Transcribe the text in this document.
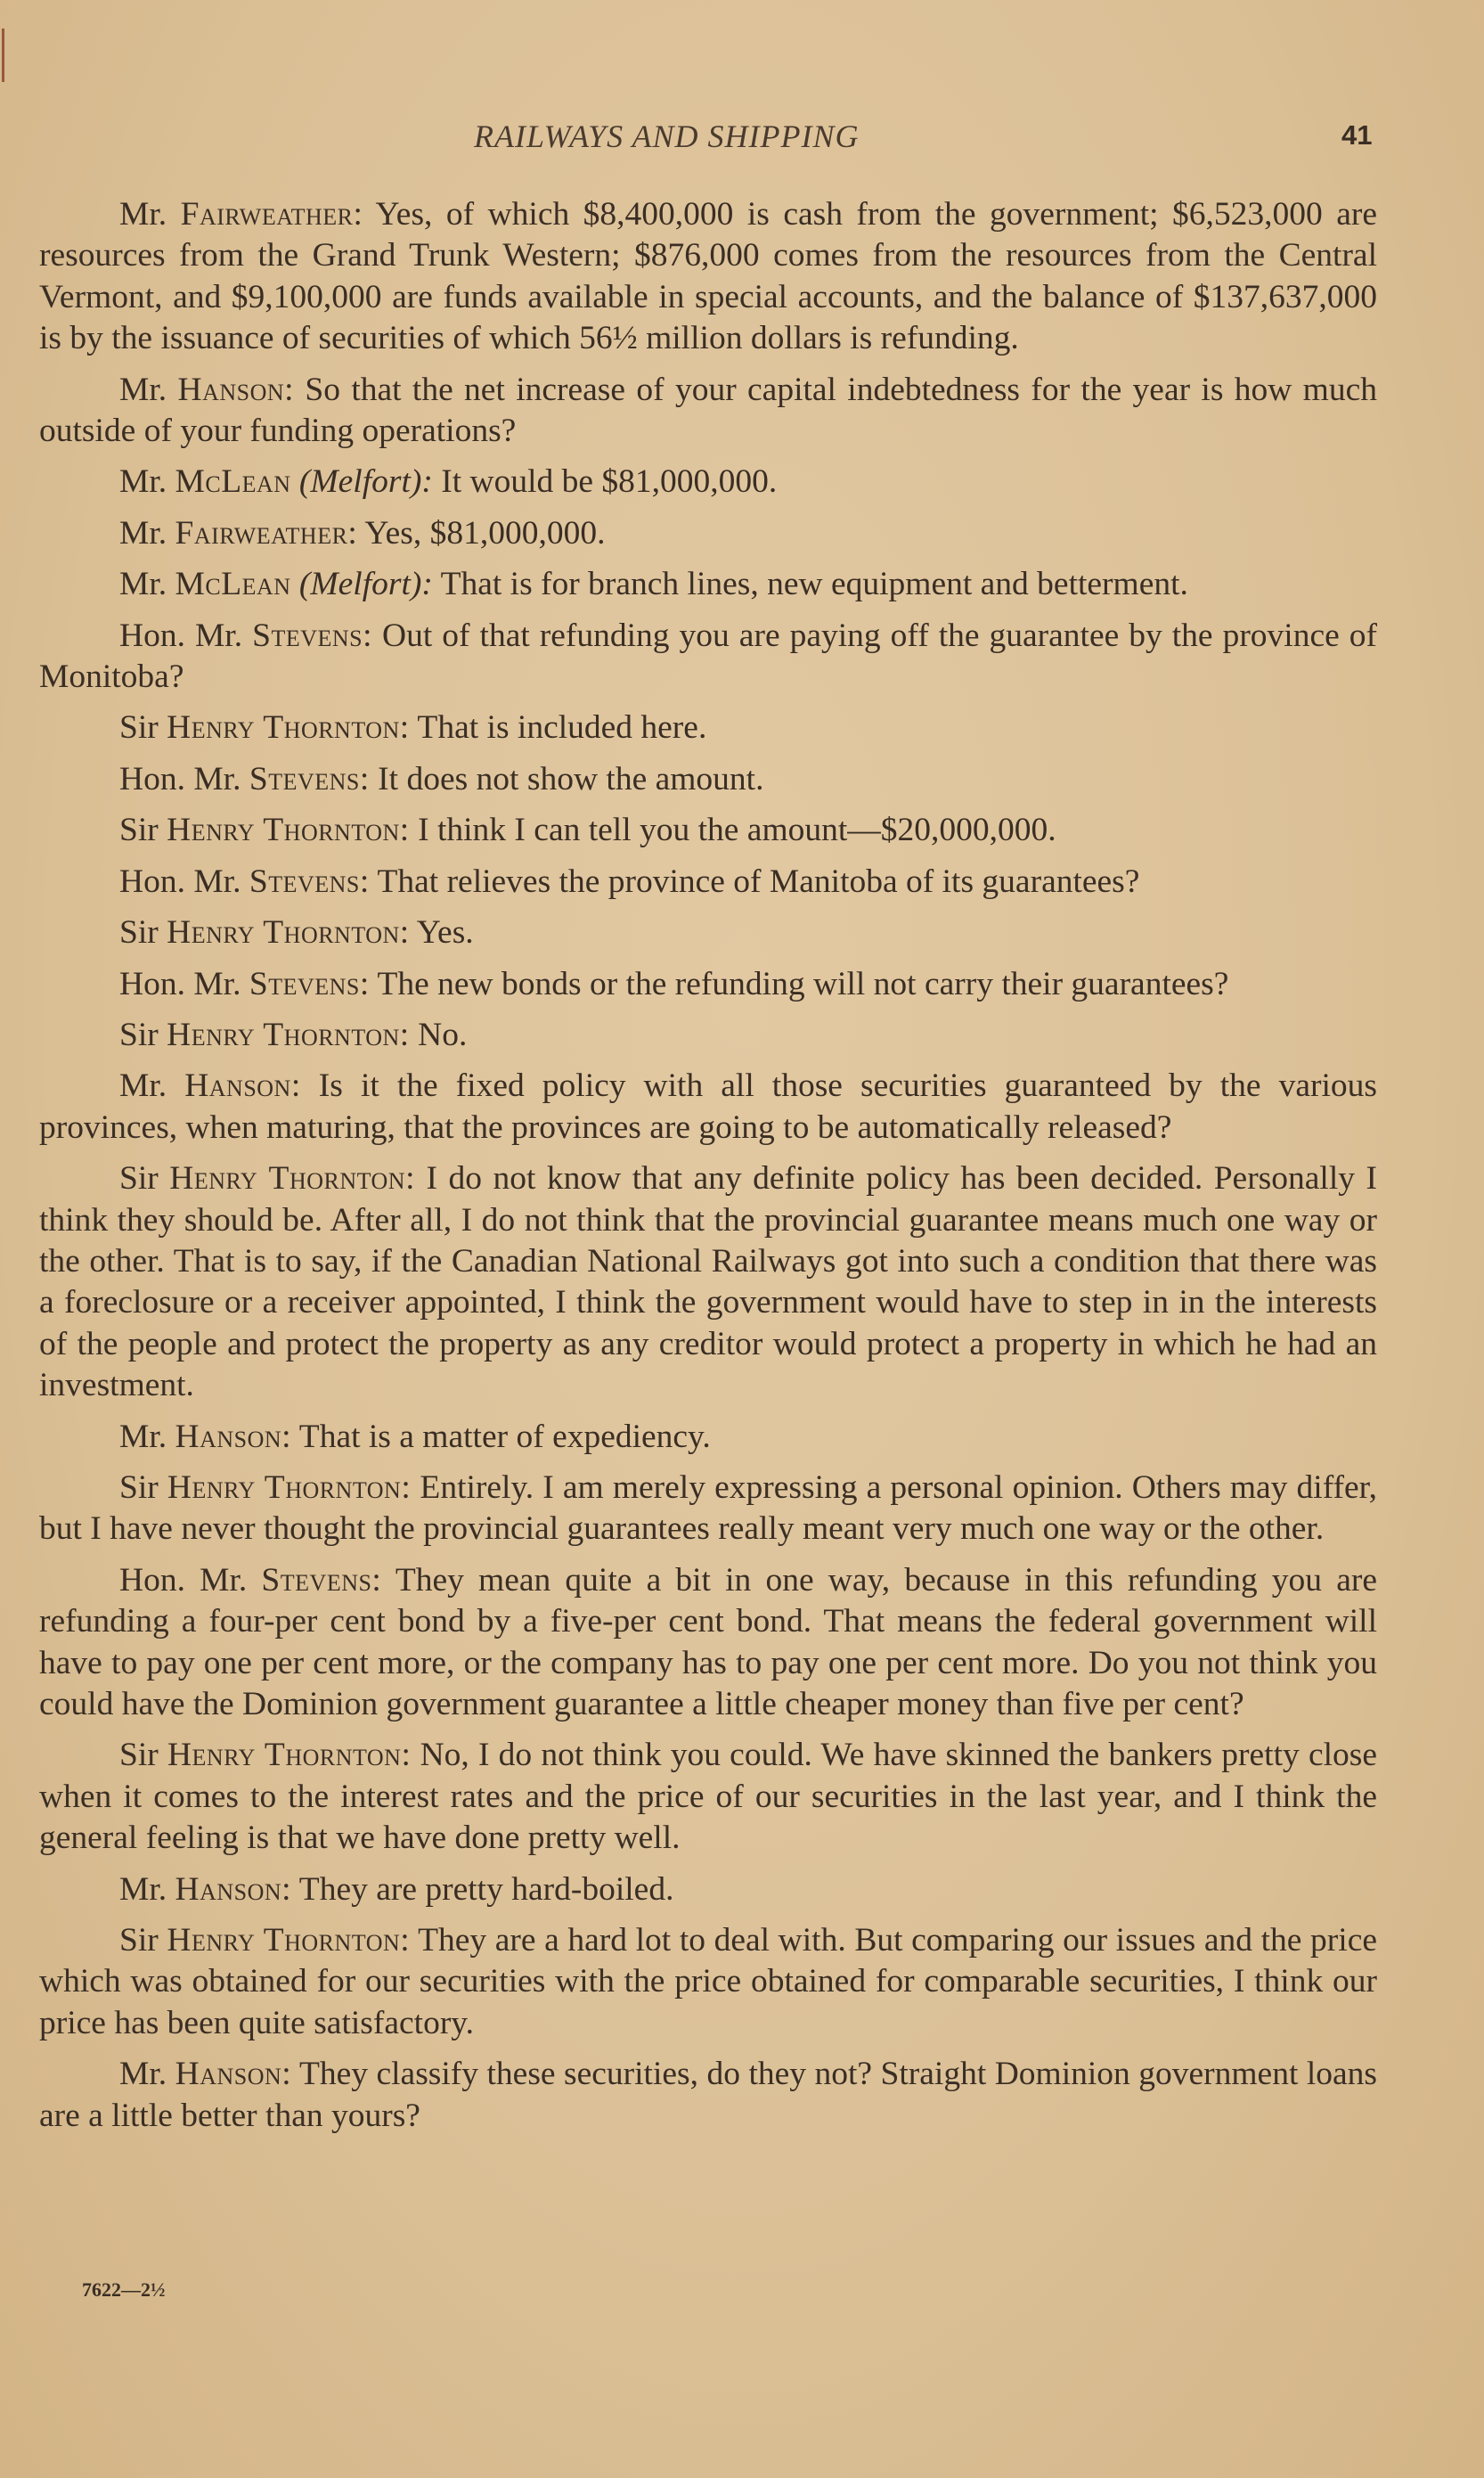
RAILWAYS AND SHIPPING	41

Mr. Fairweather: Yes, of which $8,400,000 is cash from the government; $6,523,000 are resources from the Grand Trunk Western; $876,000 comes from the resources from the Central Vermont, and $9,100,000 are funds available in special accounts, and the balance of $137,637,000 is by the issuance of securities of which 56½ million dollars is refunding.

Mr. Hanson: So that the net increase of your capital indebtedness for the year is how much outside of your funding operations?

Mr. McLean (Melfort): It would be $81,000,000.

Mr. Fairweather: Yes, $81,000,000.

Mr. McLean (Melfort): That is for branch lines, new equipment and betterment.

Hon. Mr. Stevens: Out of that refunding you are paying off the guarantee by the province of Monitoba?

Sir Henry Thornton: That is included here.

Hon. Mr. Stevens: It does not show the amount.

Sir Henry Thornton: I think I can tell you the amount—$20,000,000.

Hon. Mr. Stevens: That relieves the province of Manitoba of its guarantees?

Sir Henry Thornton: Yes.

Hon. Mr. Stevens: The new bonds or the refunding will not carry their guarantees?

Sir Henry Thornton: No.

Mr. Hanson: Is it the fixed policy with all those securities guaranteed by the various provinces, when maturing, that the provinces are going to be automatically released?

Sir Henry Thornton: I do not know that any definite policy has been decided. Personally I think they should be. After all, I do not think that the provincial guarantee means much one way or the other. That is to say, if the Canadian National Railways got into such a condition that there was a foreclosure or a receiver appointed, I think the government would have to step in in the interests of the people and protect the property as any creditor would protect a property in which he had an investment.

Mr. Hanson: That is a matter of expediency.

Sir Henry Thornton: Entirely. I am merely expressing a personal opinion. Others may differ, but I have never thought the provincial guarantees really meant very much one way or the other.

Hon. Mr. Stevens: They mean quite a bit in one way, because in this refunding you are refunding a four-per cent bond by a five-per cent bond. That means the federal government will have to pay one per cent more, or the company has to pay one per cent more. Do you not think you could have the Dominion government guarantee a little cheaper money than five per cent?

Sir Henry Thornton: No, I do not think you could. We have skinned the bankers pretty close when it comes to the interest rates and the price of our securities in the last year, and I think the general feeling is that we have done pretty well.

Mr. Hanson: They are pretty hard-boiled.

Sir Henry Thornton: They are a hard lot to deal with. But comparing our issues and the price which was obtained for our securities with the price obtained for comparable securities, I think our price has been quite satisfactory.

Mr. Hanson: They classify these securities, do they not? Straight Dominion government loans are a little better than yours?

7622—2½
